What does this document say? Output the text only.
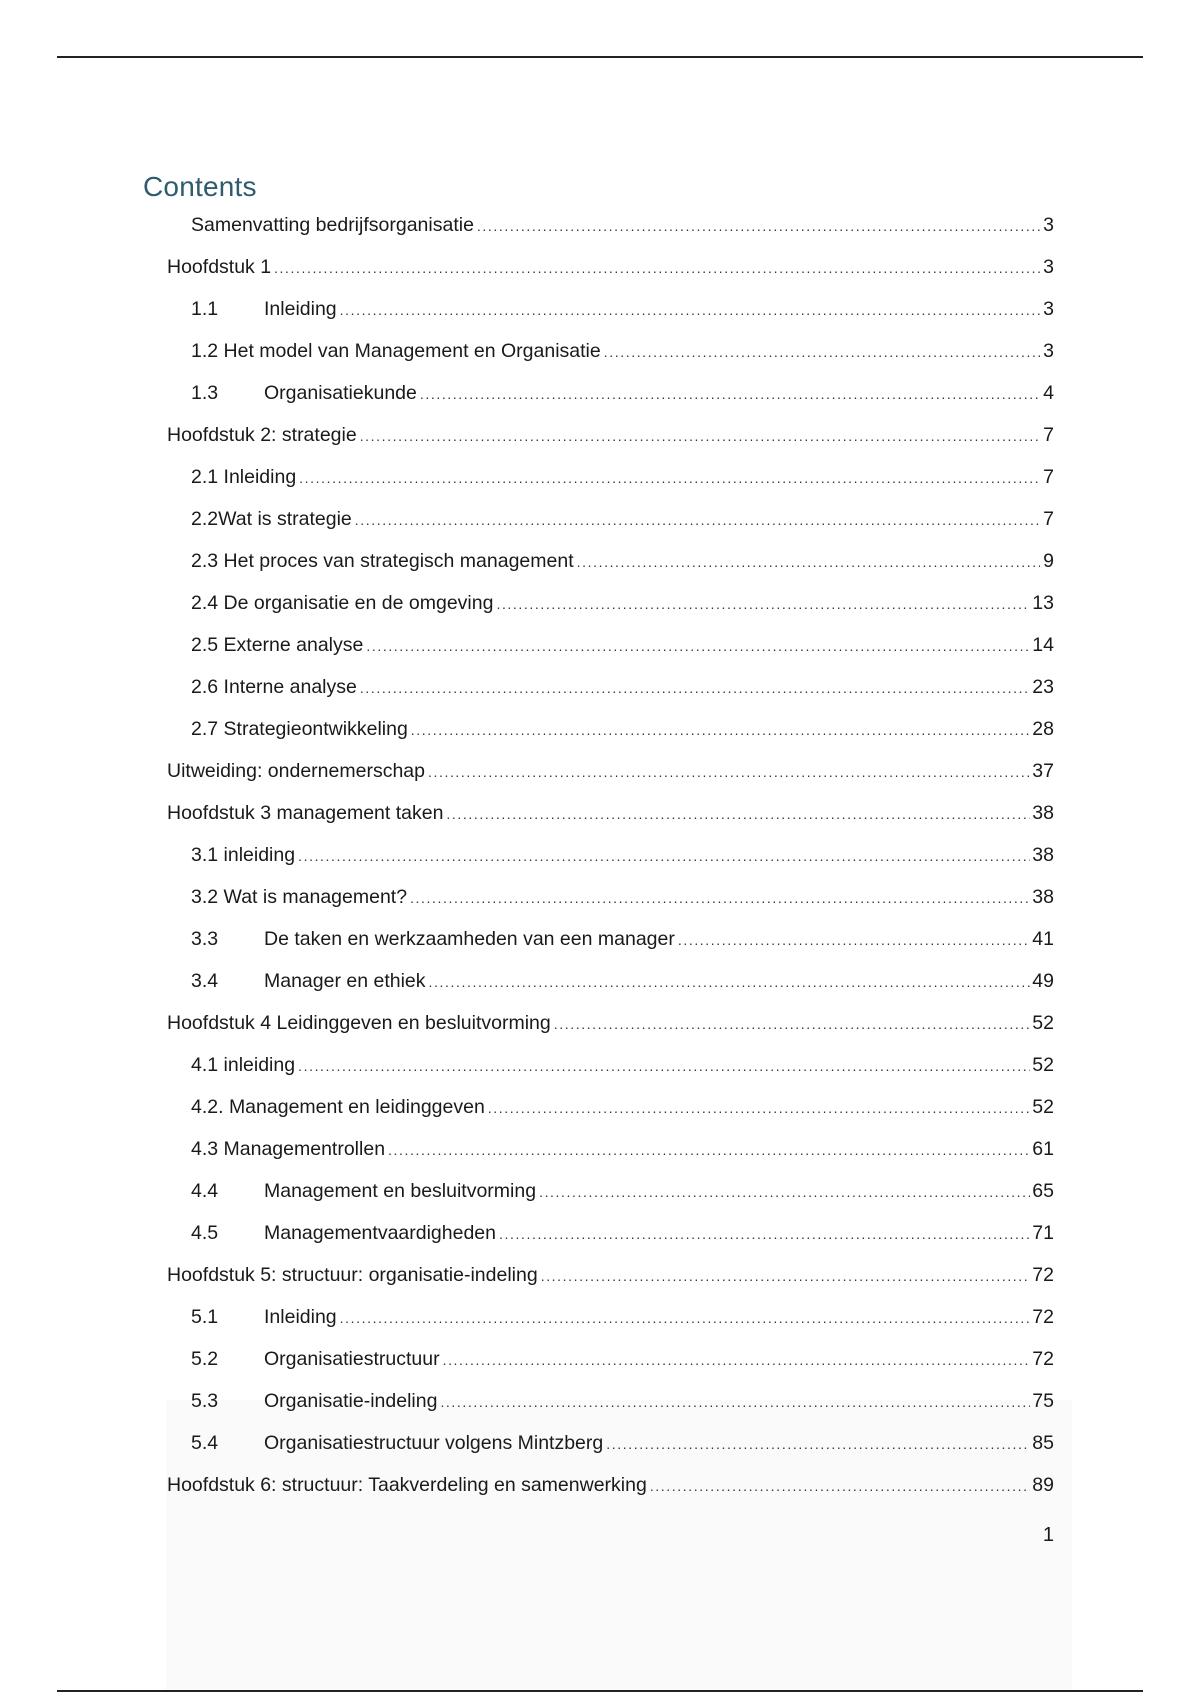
Contents
Samenvatting bedrijfsorganisatie .....	3
Hoofdstuk 1 .....	3
1.1	Inleiding .....	3
1.2 Het model van Management en Organisatie .....	3
1.3	Organisatiekunde .....	4
Hoofdstuk 2: strategie .....	7
2.1 Inleiding .....	7
2.2Wat is strategie .....	7
2.3 Het proces van strategisch management .....	9
2.4 De organisatie en de omgeving .....	13
2.5 Externe analyse .....	14
2.6 Interne analyse .....	23
2.7 Strategieontwikkeling .....	28
Uitweiding: ondernemerschap .....	37
Hoofdstuk 3 management taken .....	38
3.1 inleiding .....	38
3.2 Wat is management? .....	38
3.3	De taken en werkzaamheden van een manager .....	41
3.4	Manager en ethiek .....	49
Hoofdstuk 4 Leidinggeven en besluitvorming .....	52
4.1 inleiding .....	52
4.2. Management en leidinggeven .....	52
4.3 Managementrollen .....	61
4.4	Management en besluitvorming .....	65
4.5	Managementvaardigheden .....	71
Hoofdstuk 5: structuur: organisatie-indeling .....	72
5.1	Inleiding .....	72
5.2	Organisatiestructuur .....	72
5.3	Organisatie-indeling .....	75
5.4	Organisatiestructuur volgens Mintzberg .....	85
Hoofdstuk 6: structuur: Taakverdeling en samenwerking .....	89
1
